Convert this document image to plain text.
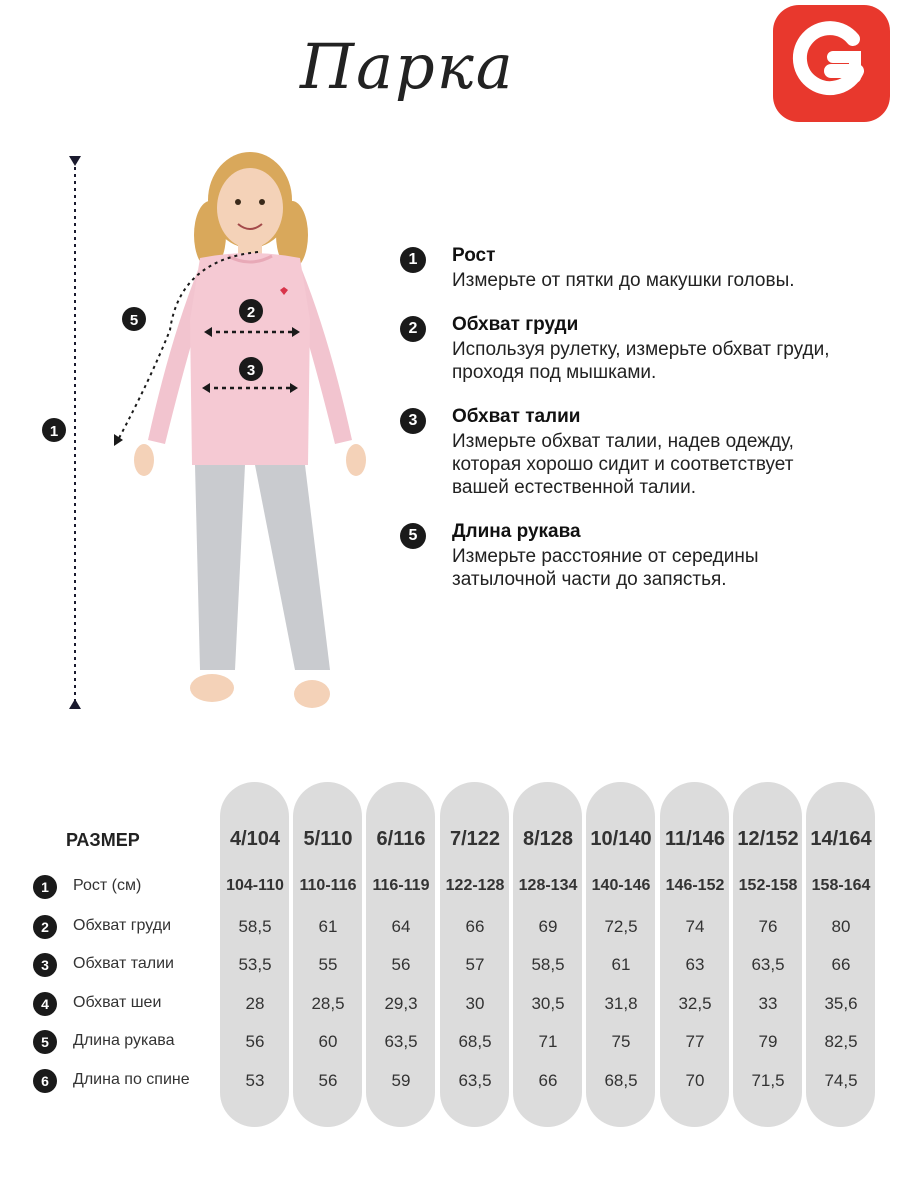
Парка
1
2
3
5
1	Рост
Измерьте от пятки до макушки головы.
2	Обхват груди
Используя рулетку, измерьте обхват груди, проходя под мышками.
3	Обхват талии
Измерьте обхват талии, надев одежду, которая хорошо сидит и соответствует вашей естественной талии.
5	Длина рукава
Измерьте расстояние от середины затылочной части до запястья.
РАЗМЕР	4/104	5/110	6/116	7/122	8/128 10/140 11/146 12/152 14/164
1	Рост (см)	104-110 110-116	116-119	122-128 128-134 140-146 146-152 152-158 158-164
2	Обхват груди	58,5	61	64	66	69	72,5	74	76	80
3	Обхват талии	53,5	55	56	57	58,5	61	63	63,5	66
4	Обхват шеи	28	28,5	29,3	30	30,5	31,8	32,5	33	35,6
5	Длина рукава	56	60	63,5	68,5	71	75	77	79	82,5
6	Длина по спине	53	56	59	63,5	66	68,5	70	71,5	74,5
